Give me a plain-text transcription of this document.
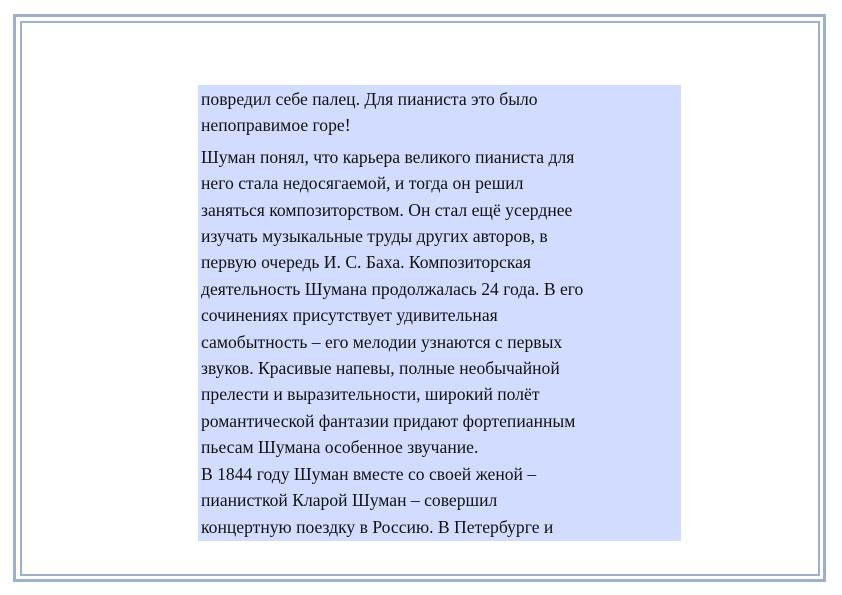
повредил себе палец. Для пианиста это было
непоправимое горе!

Шуман понял, что карьера великого пианиста для
него стала недосягаемой, и тогда он решил
заняться композиторством. Он стал ещё усерднее
изучать музыкальные труды других авторов, в
первую очередь И. С. Баха. Композиторская
деятельность Шумана продолжалась 24 года. В его
сочинениях присутствует удивительная
самобытность – его мелодии узнаются с первых
звуков. Красивые напевы, полные необычайной
прелести и выразительности, широкий полёт
романтической фантазии придают фортепианным
пьесам Шумана особенное звучание.

В 1844 году Шуман вместе со своей женой –
пианисткой Кларой Шуман – совершил
концертную поездку в Россию. В Петербурге и
